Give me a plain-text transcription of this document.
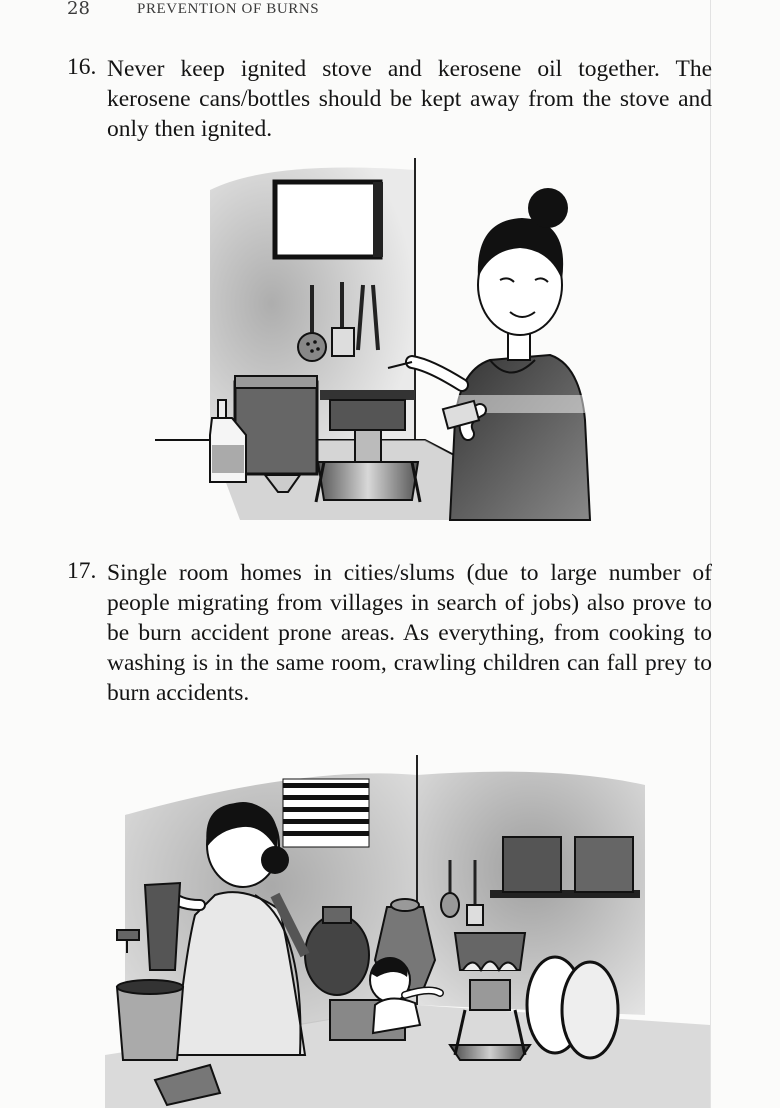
28	PREVENTION OF BURNS
16. Never keep ignited stove and kerosene oil together. The kerosene cans/bottles should be kept away from the stove and only then ignited.
17. Single room homes in cities/slums (due to large number of people migrating from villages in search of jobs) also prove to be burn accident prone areas. As everything, from cooking to washing is in the same room, crawling children can fall prey to burn accidents.
